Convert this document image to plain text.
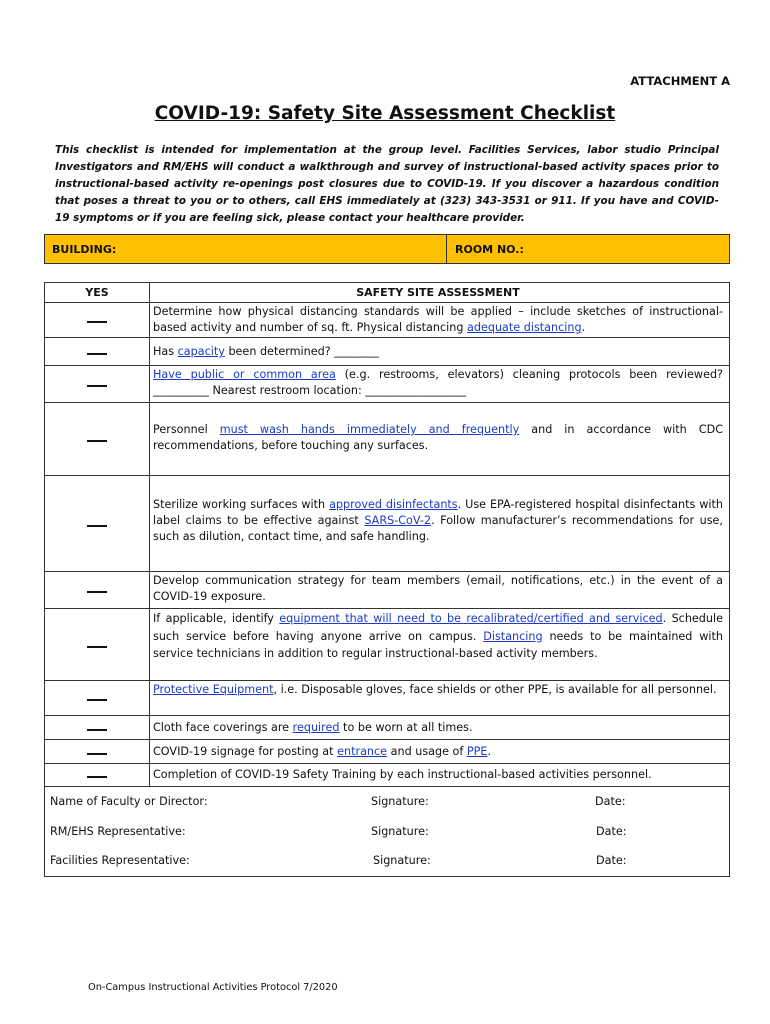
ATTACHMENT A
COVID-19: Safety Site Assessment Checklist
This checklist is intended for implementation at the group level. Facilities Services, labor studio Principal Investigators and RM/EHS will conduct a walkthrough and survey of instructional-based activity spaces prior to instructional-based activity re-openings post closures due to COVID-19. If you discover a hazardous condition that poses a threat to you or to others, call EHS immediately at (323) 343-3531 or 911. If you have and COVID-19 symptoms or if you are feeling sick, please contact your healthcare provider.
BUILDING:	ROOM NO.:
YES	SAFETY SITE ASSESSMENT
Determine how physical distancing standards will be applied – include sketches of instructional-based activity and number of sq. ft. Physical distancing adequate distancing.
Has capacity been determined? ________
Have public or common area (e.g. restrooms, elevators) cleaning protocols been reviewed? __________ Nearest restroom location: __________________
Personnel must wash hands immediately and frequently and in accordance with CDC recommendations, before touching any surfaces.
Sterilize working surfaces with approved disinfectants. Use EPA-registered hospital disinfectants with label claims to be effective against SARS-CoV-2. Follow manufacturer’s recommendations for use, such as dilution, contact time, and safe handling.
Develop communication strategy for team members (email, notifications, etc.) in the event of a COVID-19 exposure.
If applicable, identify equipment that will need to be recalibrated/certified and serviced. Schedule such service before having anyone arrive on campus. Distancing needs to be maintained with service technicians in addition to regular instructional-based activity members.
Protective Equipment, i.e. Disposable gloves, face shields or other PPE, is available for all personnel.
Cloth face coverings are required to be worn at all times.
COVID-19 signage for posting at entrance and usage of PPE.
Completion of COVID-19 Safety Training by each instructional-based activities personnel.
Name of Faculty or Director:	Signature:	Date:
RM/EHS Representative:	Signature:	Date:
Facilities Representative:	Signature:	Date:
On-Campus Instructional Activities Protocol 7/2020
